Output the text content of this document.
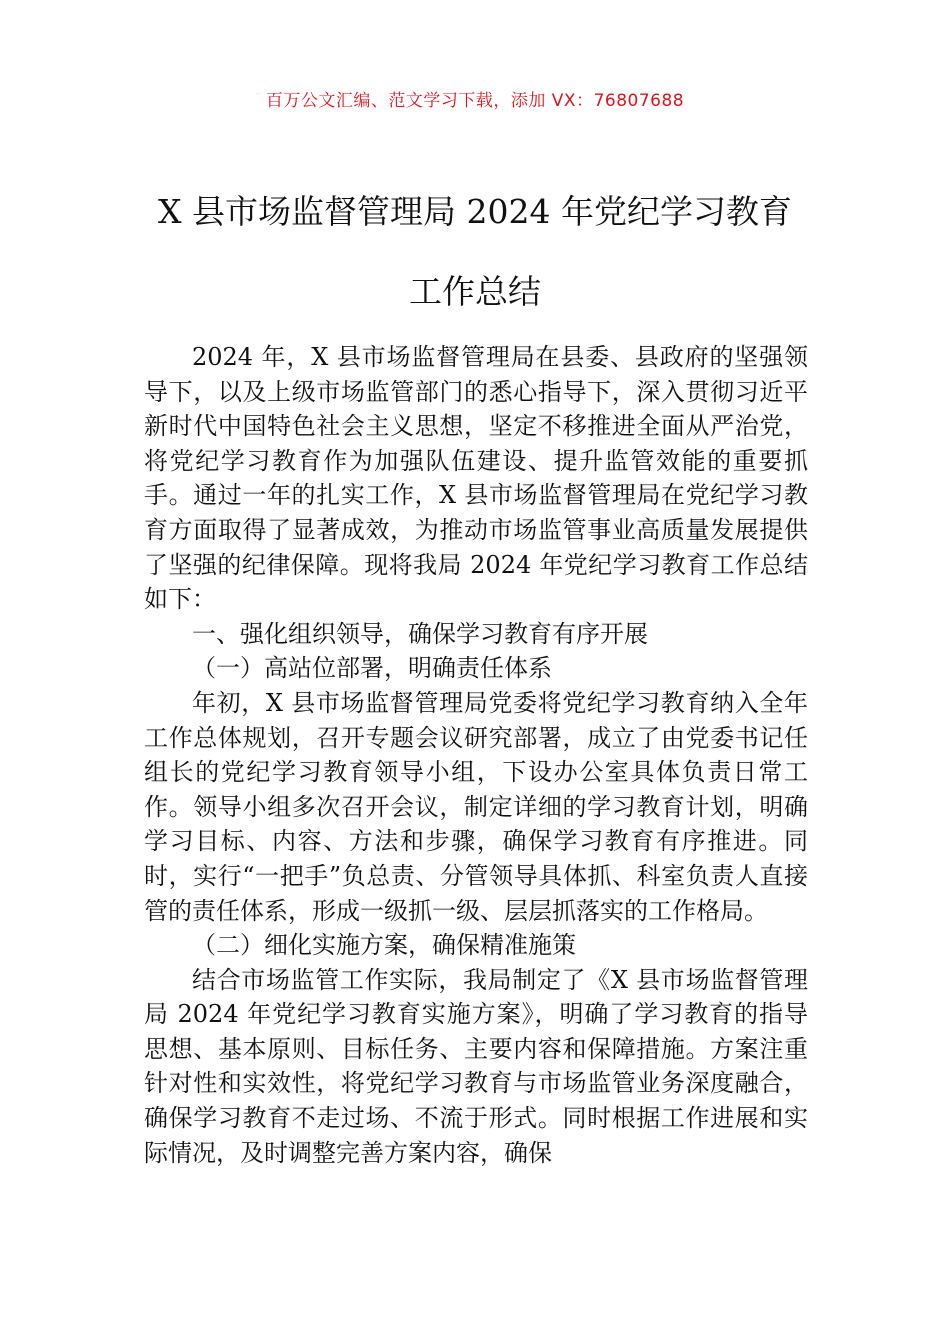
百万公文汇编、范文学习下载，添加 VX：76807688
X 县市场监督管理局 2024 年党纪学习教育
工作总结

2024 年，X 县市场监督管理局在县委、县政府的坚强领导下，以及上级市场监管部门的悉心指导下，深入贯彻习近平新时代中国特色社会主义思想，坚定不移推进全面从严治党，将党纪学习教育作为加强队伍建设、提升监管效能的重要抓手。通过一年的扎实工作，X 县市场监督管理局在党纪学习教育方面取得了显著成效，为推动市场监管事业高质量发展提供了坚强的纪律保障。现将我局 2024 年党纪学习教育工作总结如下：

一、强化组织领导，确保学习教育有序开展

（一）高站位部署，明确责任体系

年初，X 县市场监督管理局党委将党纪学习教育纳入全年工作总体规划，召开专题会议研究部署，成立了由党委书记任组长的党纪学习教育领导小组，下设办公室具体负责日常工作。领导小组多次召开会议，制定详细的学习教育计划，明确学习目标、内容、方法和步骤，确保学习教育有序推进。同时，实行“一把手”负总责、分管领导具体抓、科室负责人直接管的责任体系，形成一级抓一级、层层抓落实的工作格局。

（二）细化实施方案，确保精准施策

结合市场监管工作实际，我局制定了《X 县市场监督管理局 2024 年党纪学习教育实施方案》，明确了学习教育的指导思想、基本原则、目标任务、主要内容和保障措施。方案注重针对性和实效性，将党纪学习教育与市场监管业务深度融合，确保学习教育不走过场、不流于形式。同时根据工作进展和实际情况，及时调整完善方案内容，确保
